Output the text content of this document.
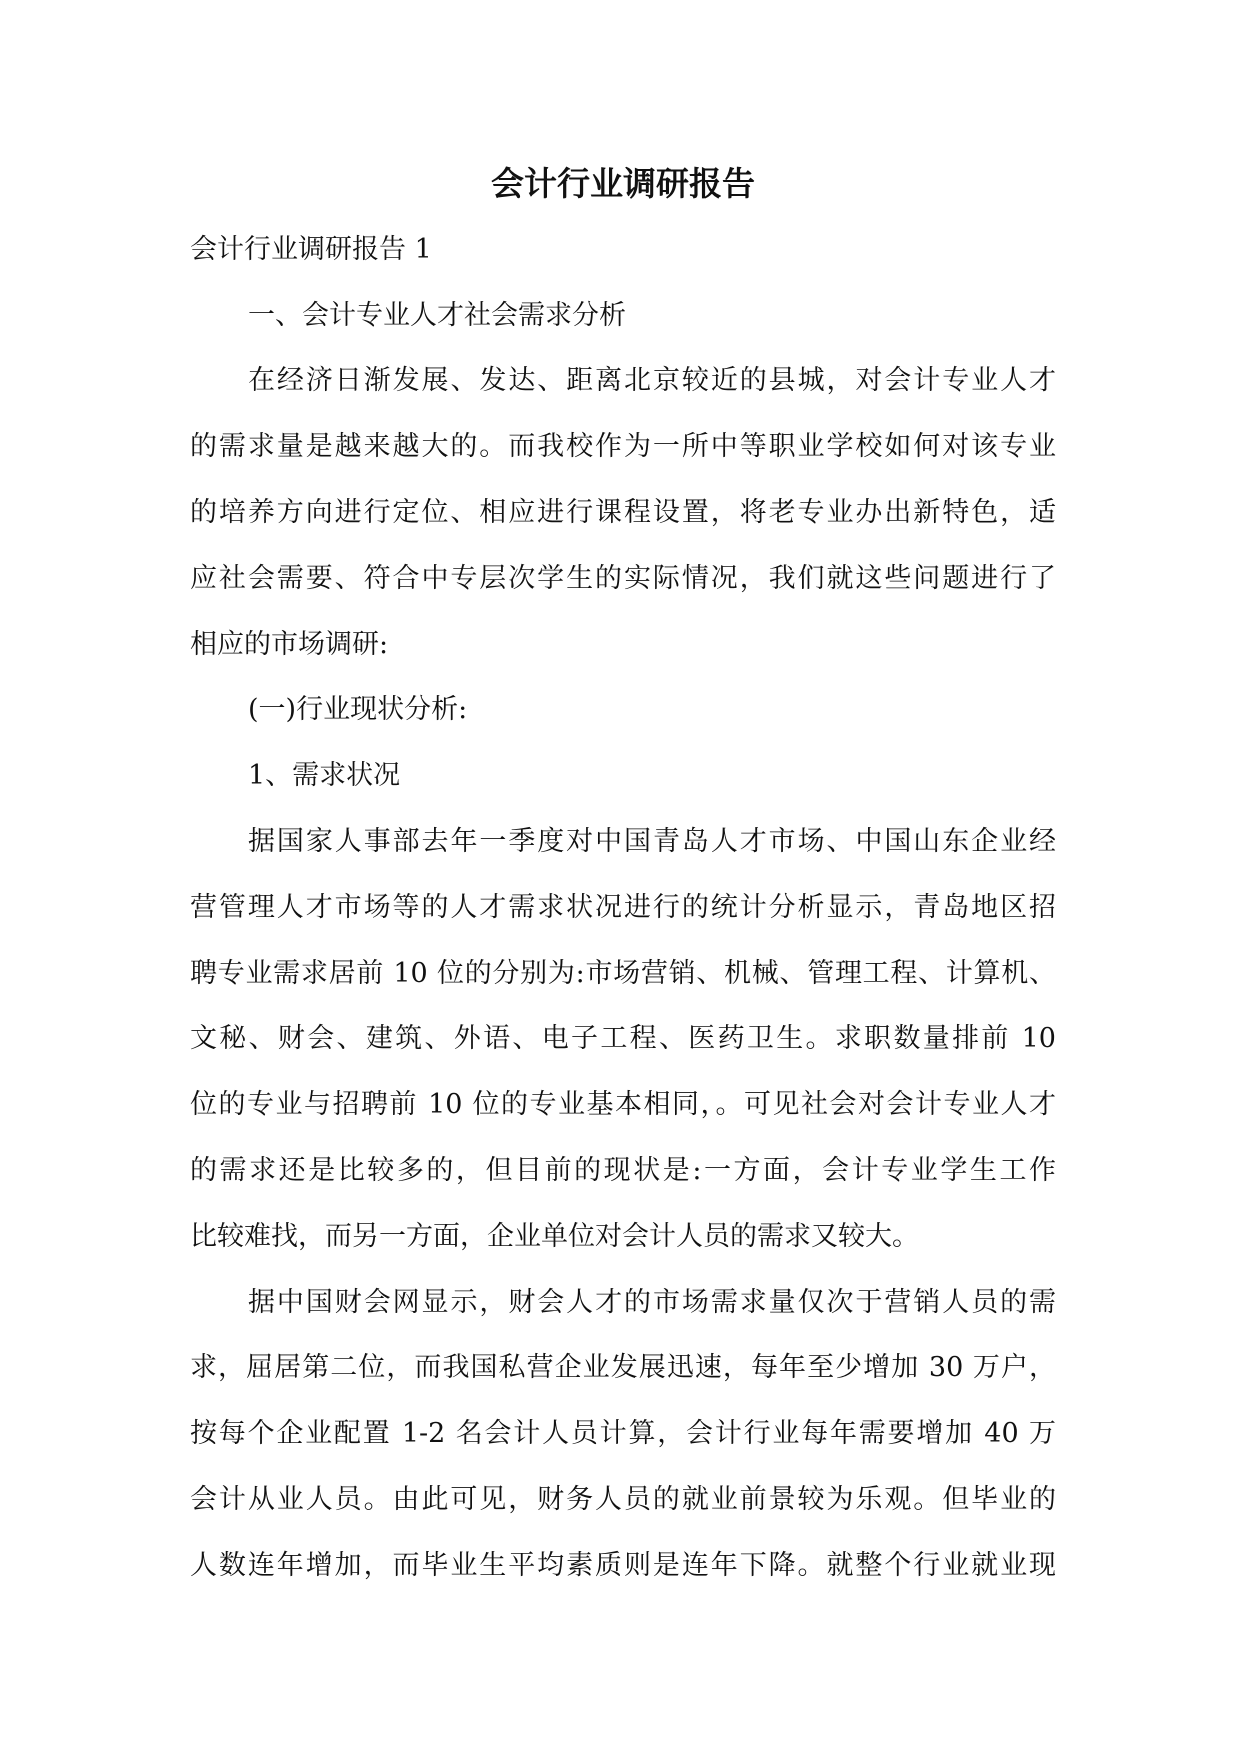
会计行业调研报告
会计行业调研报告 1
一、会计专业人才社会需求分析
在经济日渐发展、发达、距离北京较近的县城，对会计专业人才
的需求量是越来越大的。而我校作为一所中等职业学校如何对该专业
的培养方向进行定位、相应进行课程设置，将老专业办出新特色，适
应社会需要、符合中专层次学生的实际情况，我们就这些问题进行了
相应的市场调研:
(一)行业现状分析:
1、需求状况
据国家人事部去年一季度对中国青岛人才市场、中国山东企业经
营管理人才市场等的人才需求状况进行的统计分析显示，青岛地区招
聘专业需求居前 10 位的分别为:市场营销、机械、管理工程、计算机、
文秘、财会、建筑、外语、电子工程、医药卫生。求职数量排前 10
位的专业与招聘前 10 位的专业基本相同，。可见社会对会计专业人才
的需求还是比较多的，但目前的现状是:一方面，会计专业学生工作
比较难找，而另一方面，企业单位对会计人员的需求又较大。
据中国财会网显示，财会人才的市场需求量仅次于营销人员的需
求，屈居第二位，而我国私营企业发展迅速，每年至少增加 30 万户，
按每个企业配置 1-2 名会计人员计算，会计行业每年需要增加 40 万
会计从业人员。由此可见，财务人员的就业前景较为乐观。但毕业的
人数连年增加，而毕业生平均素质则是连年下降。就整个行业就业现
